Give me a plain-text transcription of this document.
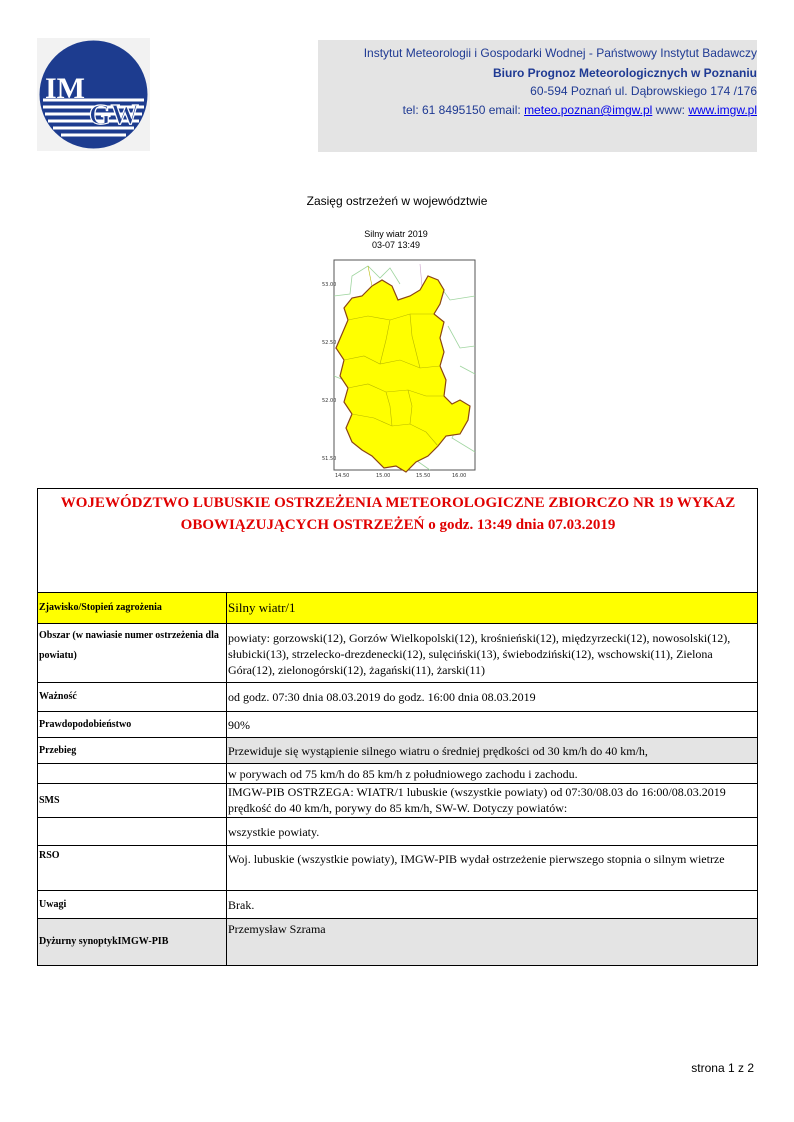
IM
GW
Instytut Meteorologii i Gospodarki Wodnej - Państwowy Instytut Badawczy
Biuro Prognoz Meteorologicznych w Poznaniu
60-594 Poznań ul. Dąbrowskiego 174 /176
tel: 61 8495150 email: meteo.poznan@imgw.pl www: www.imgw.pl
Zasięg ostrzeżeń w województwie
Silny wiatr 2019
03-07 13:49
53.00
52.50
52.00
51.50
14.50	15.00	15.50	16.00
WOJEWÓDZTWO LUBUSKIE OSTRZEŻENIA METEOROLOGICZNE ZBIORCZO NR 19 WYKAZ OBOWIĄZUJĄCYCH OSTRZEŻEŃ o godz. 13:49 dnia 07.03.2019	
Zjawisko/Stopień zagrożenia	Silny wiatr/1
Obszar (w nawiasie numer ostrzeżenia dla powiatu)	powiaty: gorzowski(12), Gorzów Wielkopolski(12), krośnieński(12), międzyrzecki(12), nowosolski(12), słubicki(13), strzelecko-drezdenecki(12), sulęciński(13), świebodziński(12), wschowski(11), Zielona Góra(12), zielonogórski(12), żagański(11), żarski(11)
Ważność	od godz. 07:30 dnia 08.03.2019 do godz. 16:00 dnia 08.03.2019
Prawdopodobieństwo	90%
Przebieg	Przewiduje się wystąpienie silnego wiatru o średniej prędkości od 30 km/h do 40 km/h,
	w porywach od 75 km/h do 85 km/h z południowego zachodu i zachodu.
SMS	IMGW-PIB OSTRZEGA: WIATR/1 lubuskie (wszystkie powiaty) od 07:30/08.03 do 16:00/08.03.2019 prędkość do 40 km/h, porywy do 85 km/h, SW-W. Dotyczy powiatów:
	wszystkie powiaty.
RSO	Woj. lubuskie (wszystkie powiaty), IMGW-PIB wydał ostrzeżenie pierwszego stopnia o silnym wietrze
Uwagi	Brak.
Dyżurny synoptykIMGW-PIB	Przemysław Szrama
strona 1 z 2
